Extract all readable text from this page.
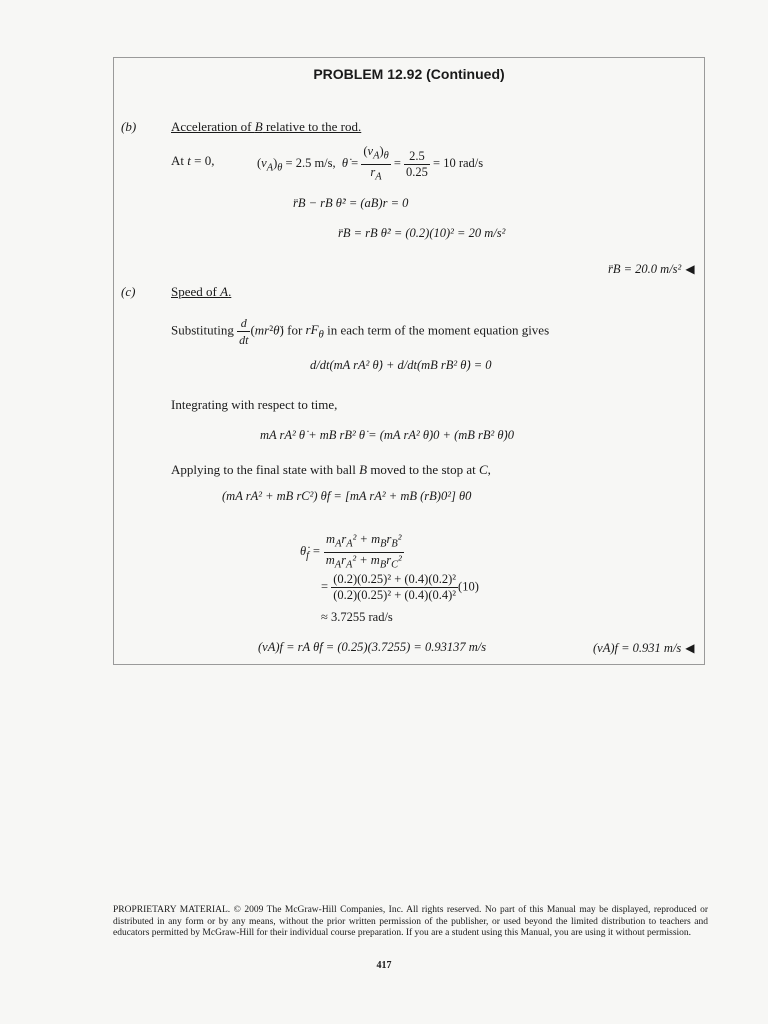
PROBLEM 12.92 (Continued)
(b)	Acceleration of B relative to the rod.
At t = 0,	$(v_A)_\theta = 2.5$ m/s,  θ̇ = $\frac{(v_A)_\theta}{r_A} = \frac{2.5}{0.25} = 10$ rad/s
r̈B − rB θ̇² = (aB)r = 0
r̈B = rB θ̇² = (0.2)(10)² = 20 m/s²
r̈B = 20.0 m/s² ◀
(c)	Speed of A.
Substituting $\frac{d}{dt}$ (mr²θ̇) for $rF_\theta$ in each term of the moment equation gives
d/dt(mA rA² θ̇) + d/dt(mB rB² θ̇) = 0
Integrating with respect to time,
mA rA² θ̇ + mB rB² θ̇ = (mA rA² θ̇)0 + (mB rB² θ̇)0
Applying to the final state with ball B moved to the stop at C,
(mA rA² + mB rC²) θ̇f = [mA rA² + mB (rB)0²] θ̇0
$\thetȧ_f = \frac{m_Ar_A^2 + m_Br_B^2}{m_Ar_A^2 + m_Br_C^2}$
= $\frac{\text{(0.2)(0.25)² + (0.4)(0.2)²}}{\text{(0.2)(0.25)² + (0.4)(0.4)²}} (10)$
≈ 3.7255 rad/s
(vA)f = rA θ̇f = (0.25)(3.7255) = 0.93137 m/s	(vA)f = 0.931 m/s ◀
PROPRIETARY MATERIAL. © 2009 The McGraw-Hill Companies, Inc. All rights reserved. No part of this Manual may be displayed, reproduced or distributed in any form or by any means, without the prior written permission of the publisher, or used beyond the limited distribution to teachers and educators permitted by McGraw-Hill for their individual course preparation. If you are a student using this Manual, you are using it without permission.
417
